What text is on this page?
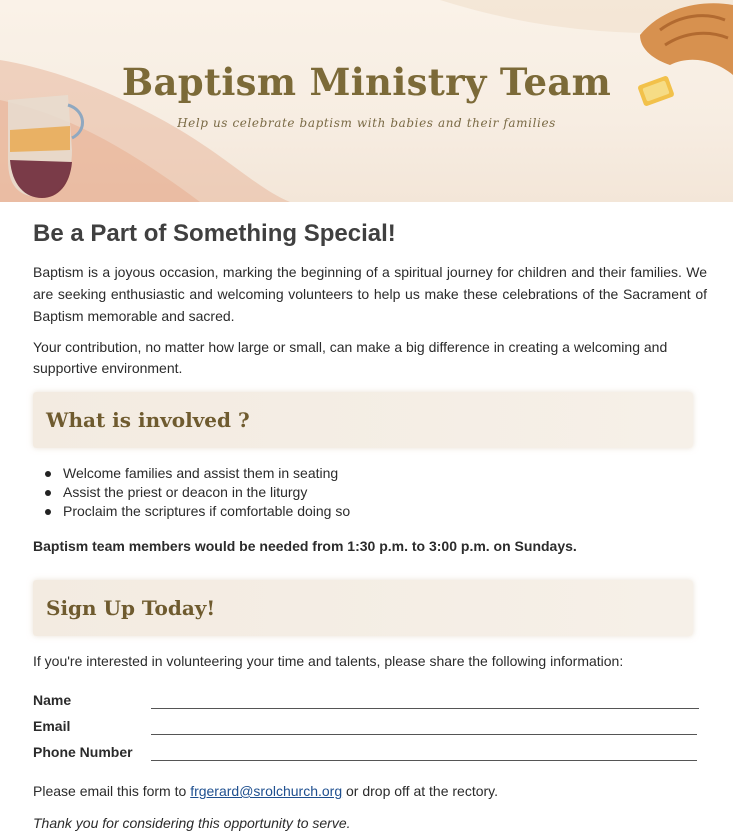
Baptism Ministry Team
Help us celebrate baptism with babies and their families
Be a Part of Something Special!

Baptism is a joyous occasion, marking the beginning of a spiritual journey for children and their families. We are seeking enthusiastic and welcoming volunteers to help us make these celebrations of the Sacrament of Baptism memorable and sacred.

Your contribution, no matter how large or small, can make a big difference in creating a welcoming and supportive environment.

What is involved ?
Welcome families and assist them in seating
Assist the priest or deacon in the liturgy
Proclaim the scriptures if comfortable doing so

Baptism team members would be needed from 1:30 p.m. to 3:00 p.m. on Sundays.

Sign Up Today!

If you're interested in volunteering your time and talents, please share the following information:

Name
Email
Phone Number

Please email this form to frgerard@srolchurch.org or drop off at the rectory.

Thank you for considering this opportunity to serve.
